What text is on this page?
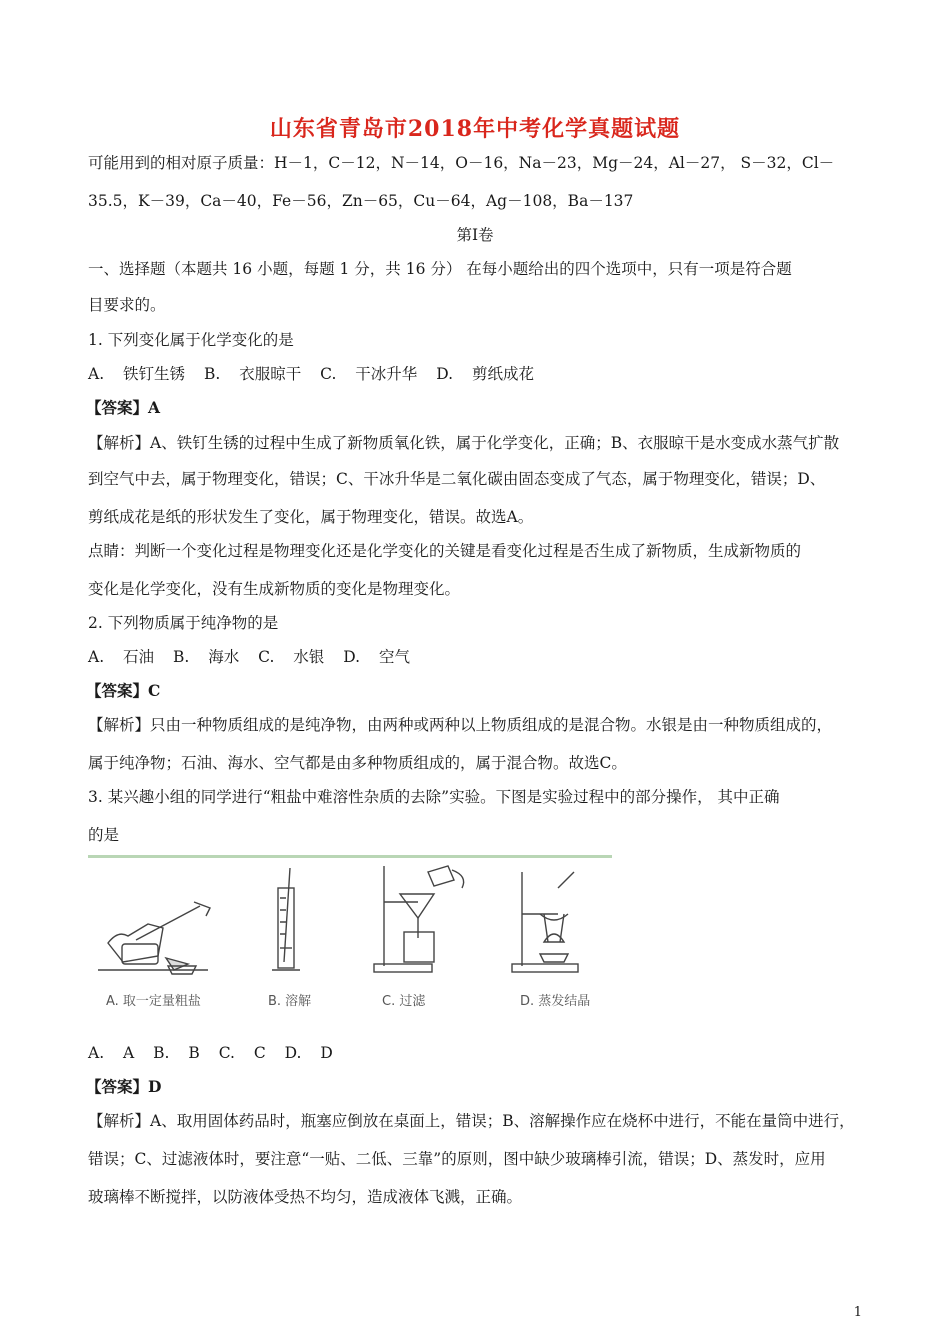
山东省青岛市2018年中考化学真题试题
可能用到的相对原子质量：H－1，C－12，N－14，O－16，Na－23，Mg－24，Al－27， S－32，Cl－
35.5，K－39，Ca－40，Fe－56，Zn－65，Cu－64，Ag－108，Ba－137
第Ⅰ卷
一、选择题（本题共 16 小题，每题 1 分，共 16 分） 在每小题给出的四个选项中，只有一项是符合题
目要求的。
1. 下列变化属于化学变化的是
A. 铁钉生锈 B. 衣服晾干 C. 干冰升华 D. 剪纸成花
【答案】A
【解析】A、铁钉生锈的过程中生成了新物质氧化铁，属于化学变化，正确；B、衣服晾干是水变成水蒸气扩散
到空气中去，属于物理变化，错误；C、干冰升华是二氧化碳由固态变成了气态，属于物理变化，错误；D、
剪纸成花是纸的形状发生了变化，属于物理变化，错误。故选A。
点睛：判断一个变化过程是物理变化还是化学变化的关键是看变化过程是否生成了新物质，生成新物质的
变化是化学变化，没有生成新物质的变化是物理变化。
2. 下列物质属于纯净物的是
A. 石油 B. 海水 C. 水银 D. 空气
【答案】C
【解析】只由一种物质组成的是纯净物，由两种或两种以上物质组成的是混合物。水银是由一种物质组成的，
属于纯净物；石油、海水、空气都是由多种物质组成的，属于混合物。故选C。
3. 某兴趣小组的同学进行“粗盐中难溶性杂质的去除”实验。下图是实验过程中的部分操作， 其中正确
的是
A. 取一定量粗盐	B. 溶解	C. 过滤	D. 蒸发结晶
A. A B. B C. C D. D
【答案】D
【解析】A、取用固体药品时，瓶塞应倒放在桌面上，错误；B、溶解操作应在烧杯中进行，不能在量筒中进行，
错误；C、过滤液体时，要注意“一贴、二低、三靠”的原则，图中缺少玻璃棒引流，错误；D、蒸发时，应用
玻璃棒不断搅拌，以防液体受热不均匀，造成液体飞溅，正确。
1
